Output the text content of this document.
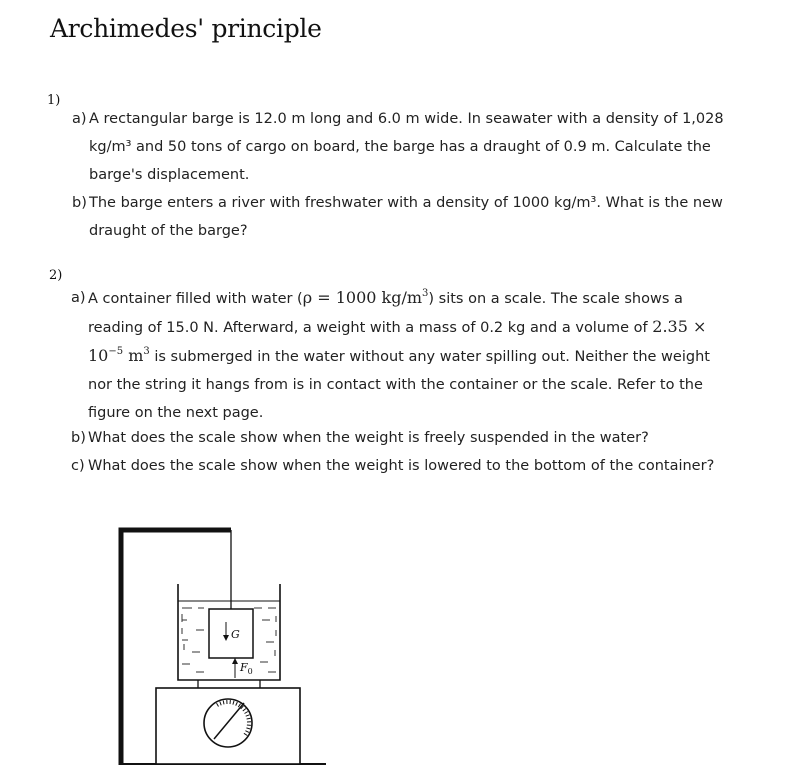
Archimedes' principle
1)
a) A rectangular barge is 12.0 m long and 6.0 m wide. In seawater with a density of 1,028
kg/m³ and 50 tons of cargo on board, the barge has a draught of 0.9 m. Calculate the
barge's displacement.
b) The barge enters a river with freshwater with a density of 1000 kg/m³. What is the new
draught of the barge?
2)
a) A container filled with water (ρ = 1000 $kg/m^3$) sits on a scale. The scale shows a
reading of 15.0 N. Afterward, a weight with a mass of 0.2 kg and a volume of 2.35 ×
$10^{-5}$ $m^3$ is submerged in the water without any water spilling out. Neither the weight
nor the string it hangs from is in contact with the container or the scale. Refer to the
figure on the next page.
b) What does the scale show when the weight is freely suspended in the water?
c) What does the scale show when the weight is lowered to the bottom of the container?
G
$F_0$
